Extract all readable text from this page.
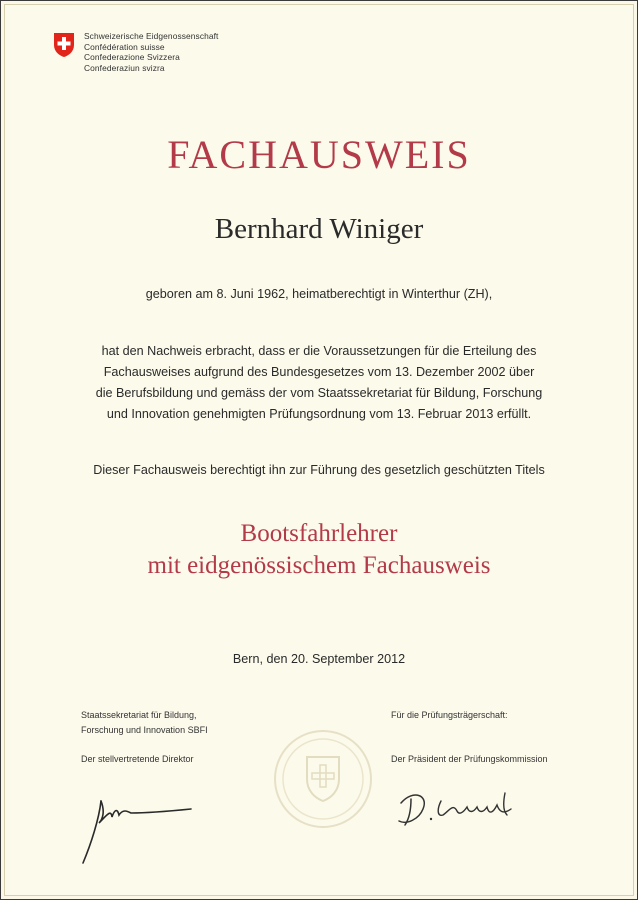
Schweizerische Eidgenossenschaft
Confédération suisse
Confederazione Svizzera
Confederaziun svizra
FACHAUSWEIS
Bernhard Winiger
geboren am 8. Juni 1962, heimatberechtigt in Winterthur (ZH),
hat den Nachweis erbracht, dass er die Voraussetzungen für die Erteilung des
Fachausweises aufgrund des Bundesgesetzes vom 13. Dezember 2002 über
die Berufsbildung und gemäss der vom Staatssekretariat für Bildung, Forschung
und Innovation genehmigten Prüfungsordnung vom 13. Februar 2013 erfüllt.
Dieser Fachausweis berechtigt ihn zur Führung des gesetzlich geschützten Titels
Bootsfahrlehrer
mit eidgenössischem Fachausweis
Bern, den 20. September 2012
Staatssekretariat für Bildung,
Forschung und Innovation SBFI
Der stellvertretende Direktor
Für die Prüfungsträgerschaft:
Der Präsident der Prüfungskommission
